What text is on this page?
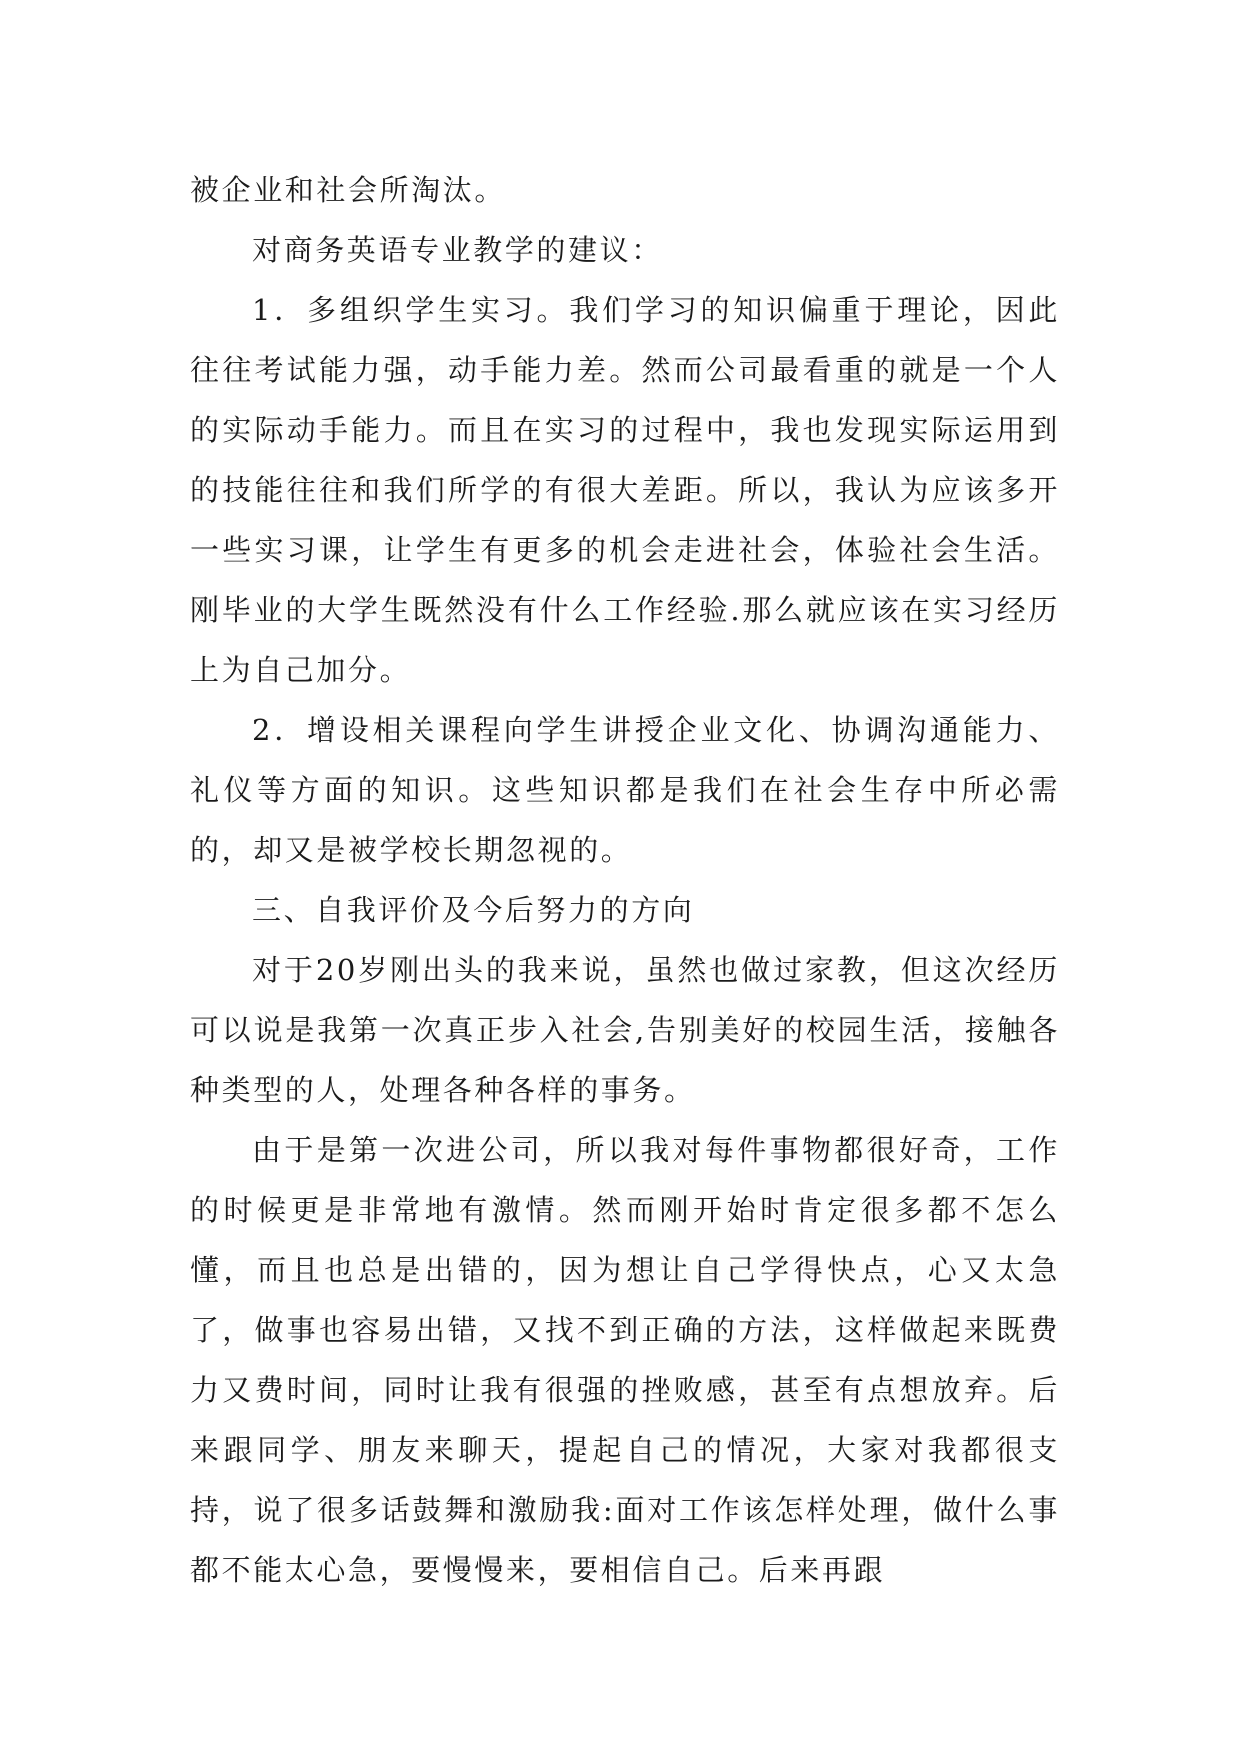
被企业和社会所淘汰。

对商务英语专业教学的建议：

1．多组织学生实习。我们学习的知识偏重于理论，因此往往考试能力强，动手能力差。然而公司最看重的就是一个人的实际动手能力。而且在实习的过程中，我也发现实际运用到的技能往往和我们所学的有很大差距。所以，我认为应该多开一些实习课，让学生有更多的机会走进社会，体验社会生活。刚毕业的大学生既然没有什么工作经验.那么就应该在实习经历上为自己加分。

2．增设相关课程向学生讲授企业文化、协调沟通能力、礼仪等方面的知识。这些知识都是我们在社会生存中所必需的，却又是被学校长期忽视的。

三、自我评价及今后努力的方向

对于20岁刚出头的我来说，虽然也做过家教，但这次经历可以说是我第一次真正步入社会,告别美好的校园生活，接触各种类型的人，处理各种各样的事务。

由于是第一次进公司，所以我对每件事物都很好奇，工作的时候更是非常地有激情。然而刚开始时肯定很多都不怎么懂，而且也总是出错的，因为想让自己学得快点，心又太急了，做事也容易出错，又找不到正确的方法，这样做起来既费力又费时间，同时让我有很强的挫败感，甚至有点想放弃。后来跟同学、朋友来聊天，提起自己的情况，大家对我都很支持，说了很多话鼓舞和激励我:面对工作该怎样处理，做什么事都不能太心急，要慢慢来，要相信自己。后来再跟
